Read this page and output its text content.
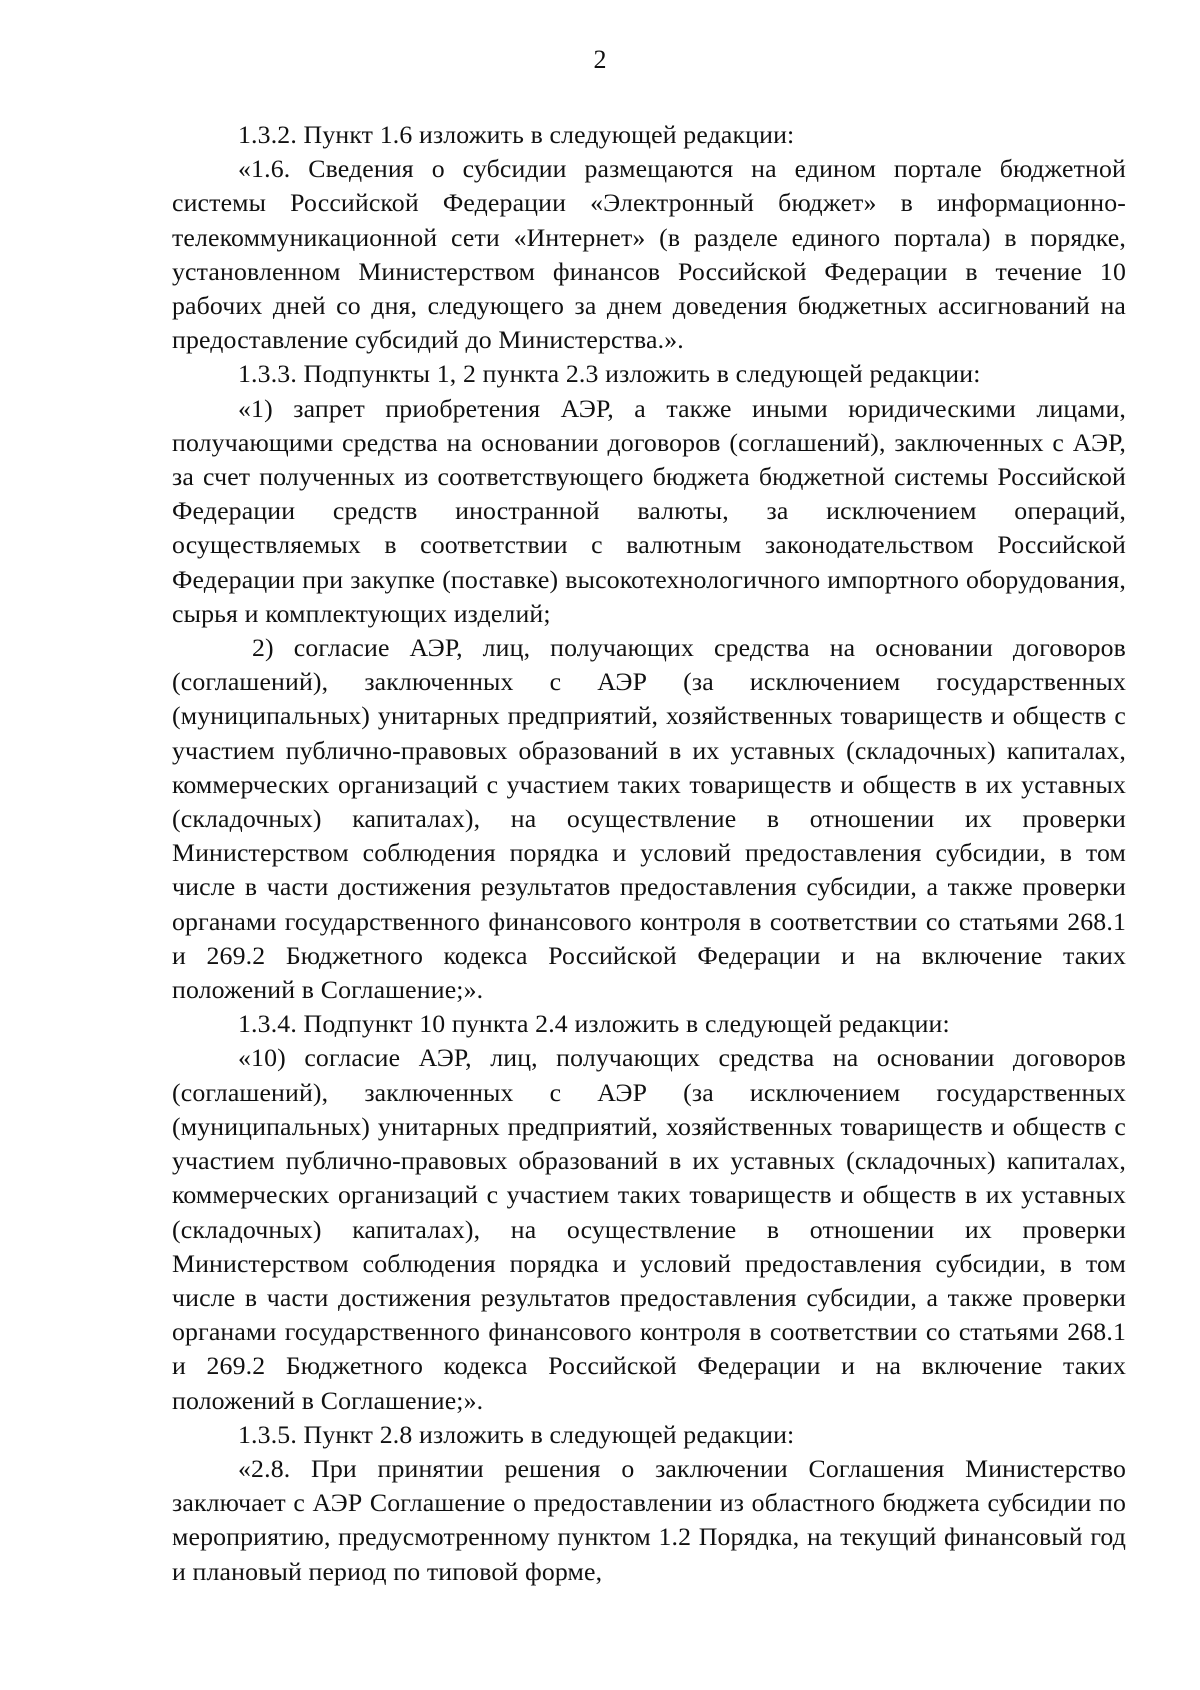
2

1.3.2. Пункт 1.6 изложить в следующей редакции:

«1.6. Сведения о субсидии размещаются на едином портале бюджетной системы Российской Федерации «Электронный бюджет» в информационно-телекоммуникационной сети «Интернет» (в разделе единого портала) в порядке, установленном Министерством финансов Российской Федерации в течение 10 рабочих дней со дня, следующего за днем доведения бюджетных ассигнований на предоставление субсидий до Министерства.».

1.3.3. Подпункты 1, 2 пункта 2.3 изложить в следующей редакции:

«1) запрет приобретения АЭР, а также иными юридическими лицами, получающими средства на основании договоров (соглашений), заключенных с АЭР, за счет полученных из соответствующего бюджета бюджетной системы Российской Федерации средств иностранной валюты, за исключением операций, осуществляемых в соответствии с валютным законодательством Российской Федерации при закупке (поставке) высокотехнологичного импортного оборудования, сырья и комплектующих изделий;

2) согласие АЭР, лиц, получающих средства на основании договоров (соглашений), заключенных с АЭР (за исключением государственных (муниципальных) унитарных предприятий, хозяйственных товариществ и обществ с участием публично-правовых образований в их уставных (складочных) капиталах, коммерческих организаций с участием таких товариществ и обществ в их уставных (складочных) капиталах), на осуществление в отношении их проверки Министерством соблюдения порядка и условий предоставления субсидии, в том числе в части достижения результатов предоставления субсидии, а также проверки органами государственного финансового контроля в соответствии со статьями 268.1 и 269.2 Бюджетного кодекса Российской Федерации и на включение таких положений в Соглашение;».

1.3.4. Подпункт 10 пункта 2.4 изложить в следующей редакции:

«10) согласие АЭР, лиц, получающих средства на основании договоров (соглашений), заключенных с АЭР (за исключением государственных (муниципальных) унитарных предприятий, хозяйственных товариществ и обществ с участием публично-правовых образований в их уставных (складочных) капиталах, коммерческих организаций с участием таких товариществ и обществ в их уставных (складочных) капиталах), на осуществление в отношении их проверки Министерством соблюдения порядка и условий предоставления субсидии, в том числе в части достижения результатов предоставления субсидии, а также проверки органами государственного финансового контроля в соответствии со статьями 268.1 и 269.2 Бюджетного кодекса Российской Федерации и на включение таких положений в Соглашение;».

1.3.5. Пункт 2.8 изложить в следующей редакции:

«2.8. При принятии решения о заключении Соглашения Министерство заключает с АЭР Соглашение о предоставлении из областного бюджета субсидии по мероприятию, предусмотренному пунктом 1.2 Порядка, на текущий финансовый год и плановый период по типовой форме,
